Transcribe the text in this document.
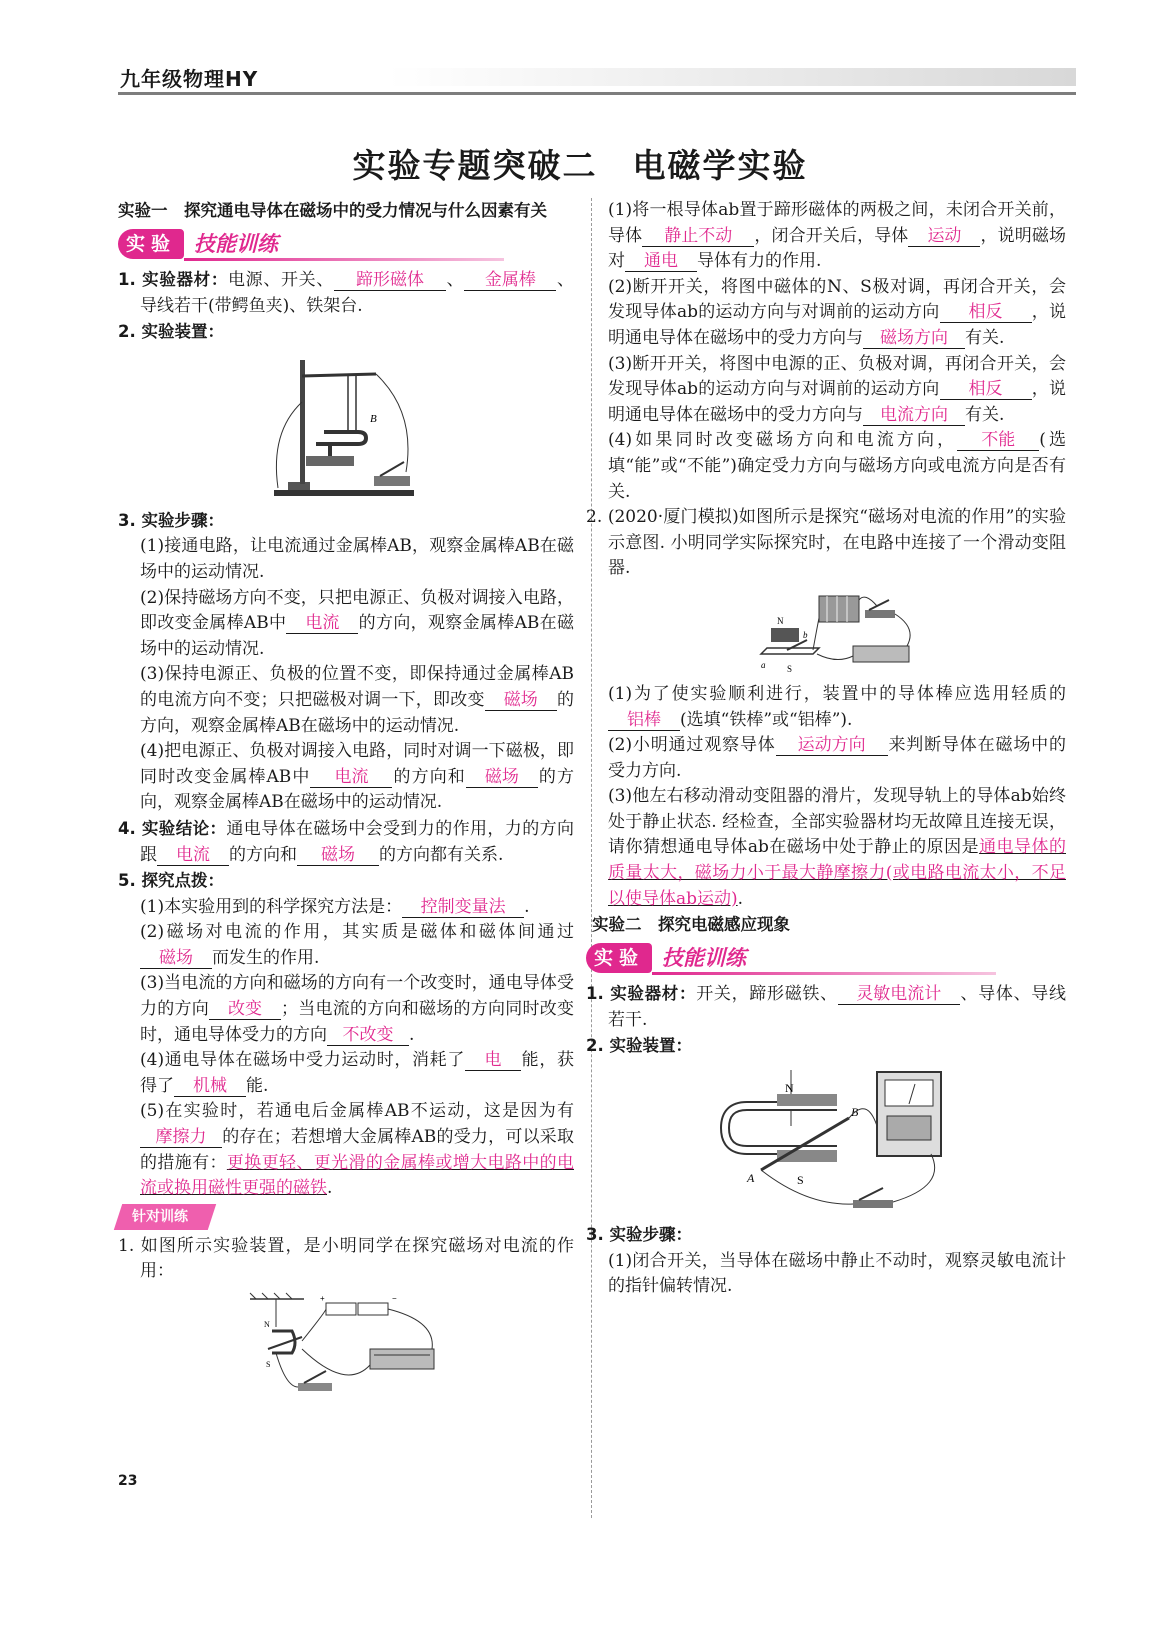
九年级物理HY
实验专题突破二　电磁学实验

实验一　探究通电导体在磁场中的受力情况与什么因素有关

实验 技能训练

1. 实验器材：电源、开关、 蹄形磁体 、 金属棒 、导线若干(带鳄鱼夹)、铁架台.

2. 实验装置：

B

3. 实验步骤：

(1)接通电路，让电流通过金属棒AB，观察金属棒AB在磁场中的运动情况.

(2)保持磁场方向不变，只把电源正、负极对调接入电路，即改变金属棒AB中 电流 的方向，观察金属棒AB在磁场中的运动情况.

(3)保持电源正、负极的位置不变，即保持通过金属棒AB的电流方向不变；只把磁极对调一下，即改变 磁场 的方向，观察金属棒AB在磁场中的运动情况.

(4)把电源正、负极对调接入电路，同时对调一下磁极，即同时改变金属棒AB中 电流 的方向和 磁场 的方向，观察金属棒AB在磁场中的运动情况.

4. 实验结论：通电导体在磁场中会受到力的作用，力的方向跟 电流 的方向和 磁场 的方向都有关系.

5. 探究点拨：

(1)本实验用到的科学探究方法是： 控制变量法 .

(2)磁场对电流的作用，其实质是磁体和磁体间通过磁场 而发生的作用.

(3)当电流的方向和磁场的方向有一个改变时，通电导体受力的方向 改变 ；当电流的方向和磁场的方向同时改变时，通电导体受力的方向 不改变 .

(4)通电导体在磁场中受力运动时，消耗了 电 能，获得了 机械 能.

(5)在实验时，若通电后金属棒AB不运动，这是因为有摩擦力 的存在；若想增大金属棒AB的受力，可以采取的措施有：更换更轻、更光滑的金属棒或增大电路中的电流或换用磁性更强的磁铁.

针对训练

1. 如图所示实验装置，是小明同学在探究磁场对电流的作用：

N
S
+	−

(1)将一根导体ab置于蹄形磁体的两极之间，未闭合开关前，导体 静止不动 ，闭合开关后，导体 运动 ，说明磁场对 通电 导体有力的作用.

(2)断开开关，将图中磁体的N、S极对调，再闭合开关，会发现导体ab的运动方向与对调前的运动方向 相反 ，说明通电导体在磁场中的受力方向与 磁场方向 有关.

(3)断开开关，将图中电源的正、负极对调，再闭合开关，会发现导体ab的运动方向与对调前的运动方向 相反 ，说明通电导体在磁场中的受力方向与 电流方向 有关.

(4)如果同时改变磁场方向和电流方向， 不能 (选填“能”或“不能”)确定受力方向与磁场方向或电流方向是否有关.

2. (2020·厦门模拟)如图所示是探究“磁场对电流的作用”的实验示意图. 小明同学实际探究时，在电路中连接了一个滑动变阻器.

N
S
b
a

(1)为了使实验顺利进行，装置中的导体棒应选用轻质的铝棒 (选填“铁棒”或“铝棒”).

(2)小明通过观察导体 运动方向 来判断导体在磁场中的受力方向.

(3)他左右移动滑动变阻器的滑片，发现导轨上的导体ab始终处于静止状态. 经检查，全部实验器材均无故障且连接无误，请你猜想通电导体ab在磁场中处于静止的原因是通电导体的质量太大，磁场力小于最大静摩擦力(或电路电流太小，不足以使导体ab运动).

实验二　探究电磁感应现象

实验 技能训练

1. 实验器材：开关，蹄形磁铁、 灵敏电流计 、导体、导线若干.

2. 实验装置：

N
B
A	S

3. 实验步骤：

(1)闭合开关，当导体在磁场中静止不动时，观察灵敏电流计的指针偏转情况.

23
